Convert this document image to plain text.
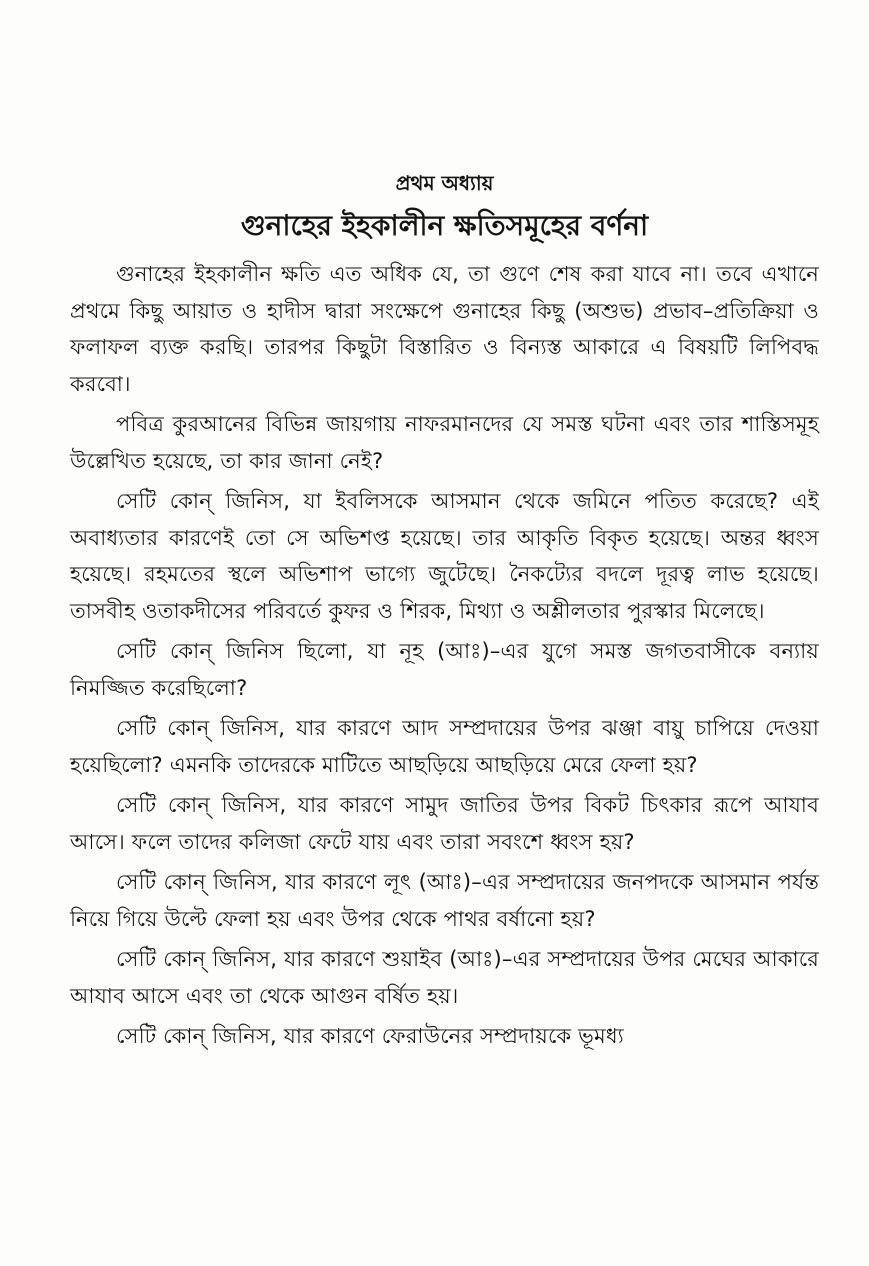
প্রথম অধ্যায়
গুনাহের ইহকালীন ক্ষতিসমূহের বর্ণনা

গুনাহের ইহকালীন ক্ষতি এত অধিক যে, তা গুণে শেষ করা যাবে না। তবে এখানে প্রথমে কিছু আয়াত ও হাদীস দ্বারা সংক্ষেপে গুনাহের কিছু (অশুভ) প্রভাব–প্রতিক্রিয়া ও ফলাফল ব্যক্ত করছি। তারপর কিছুটা বিস্তারিত ও বিন্যস্ত আকারে এ বিষয়টি লিপিবদ্ধ করবো।

পবিত্র কুরআনের বিভিন্ন জায়গায় নাফরমানদের যে সমস্ত ঘটনা এবং তার শাস্তিসমূহ উল্লেখিত হয়েছে, তা কার জানা নেই?

সেটি কোন্ জিনিস, যা ইবলিসকে আসমান থেকে জমিনে পতিত করেছে? এই অবাধ্যতার কারণেই তো সে অভিশপ্ত হয়েছে। তার আকৃতি বিকৃত হয়েছে। অন্তর ধ্বংস হয়েছে। রহমতের স্থলে অভিশাপ ভাগ্যে জুটেছে। নৈকট্যের বদলে দূরত্ব লাভ হয়েছে। তাসবীহ ওতাকদীসের পরিবর্তে কুফর ও শিরক, মিথ্যা ও অশ্লীলতার পুরস্কার মিলেছে।

সেটি কোন্ জিনিস ছিলো, যা নূহ (আঃ)–এর যুগে সমস্ত জগতবাসীকে বন্যায় নিমজ্জিত করেছিলো?

সেটি কোন্ জিনিস, যার কারণে আদ সম্প্রদায়ের উপর ঝঞ্জা বায়ু চাপিয়ে দেওয়া হয়েছিলো? এমনকি তাদেরকে মাটিতে আছড়িয়ে আছড়িয়ে মেরে ফেলা হয়?

সেটি কোন্ জিনিস, যার কারণে সামুদ জাতির উপর বিকট চিৎকার রূপে আযাব আসে। ফলে তাদের কলিজা ফেটে যায় এবং তারা সবংশে ধ্বংস হয়?

সেটি কোন্ জিনিস, যার কারণে লূৎ (আঃ)–এর সম্প্রদায়ের জনপদকে আসমান পর্যন্ত নিয়ে গিয়ে উল্টে ফেলা হয় এবং উপর থেকে পাথর বর্ষানো হয়?

সেটি কোন্ জিনিস, যার কারণে শুয়াইব (আঃ)–এর সম্প্রদায়ের উপর মেঘের আকারে আযাব আসে এবং তা থেকে আগুন বর্ষিত হয়।

সেটি কোন্ জিনিস, যার কারণে ফেরাউনের সম্প্রদায়কে ভূমধ্য
